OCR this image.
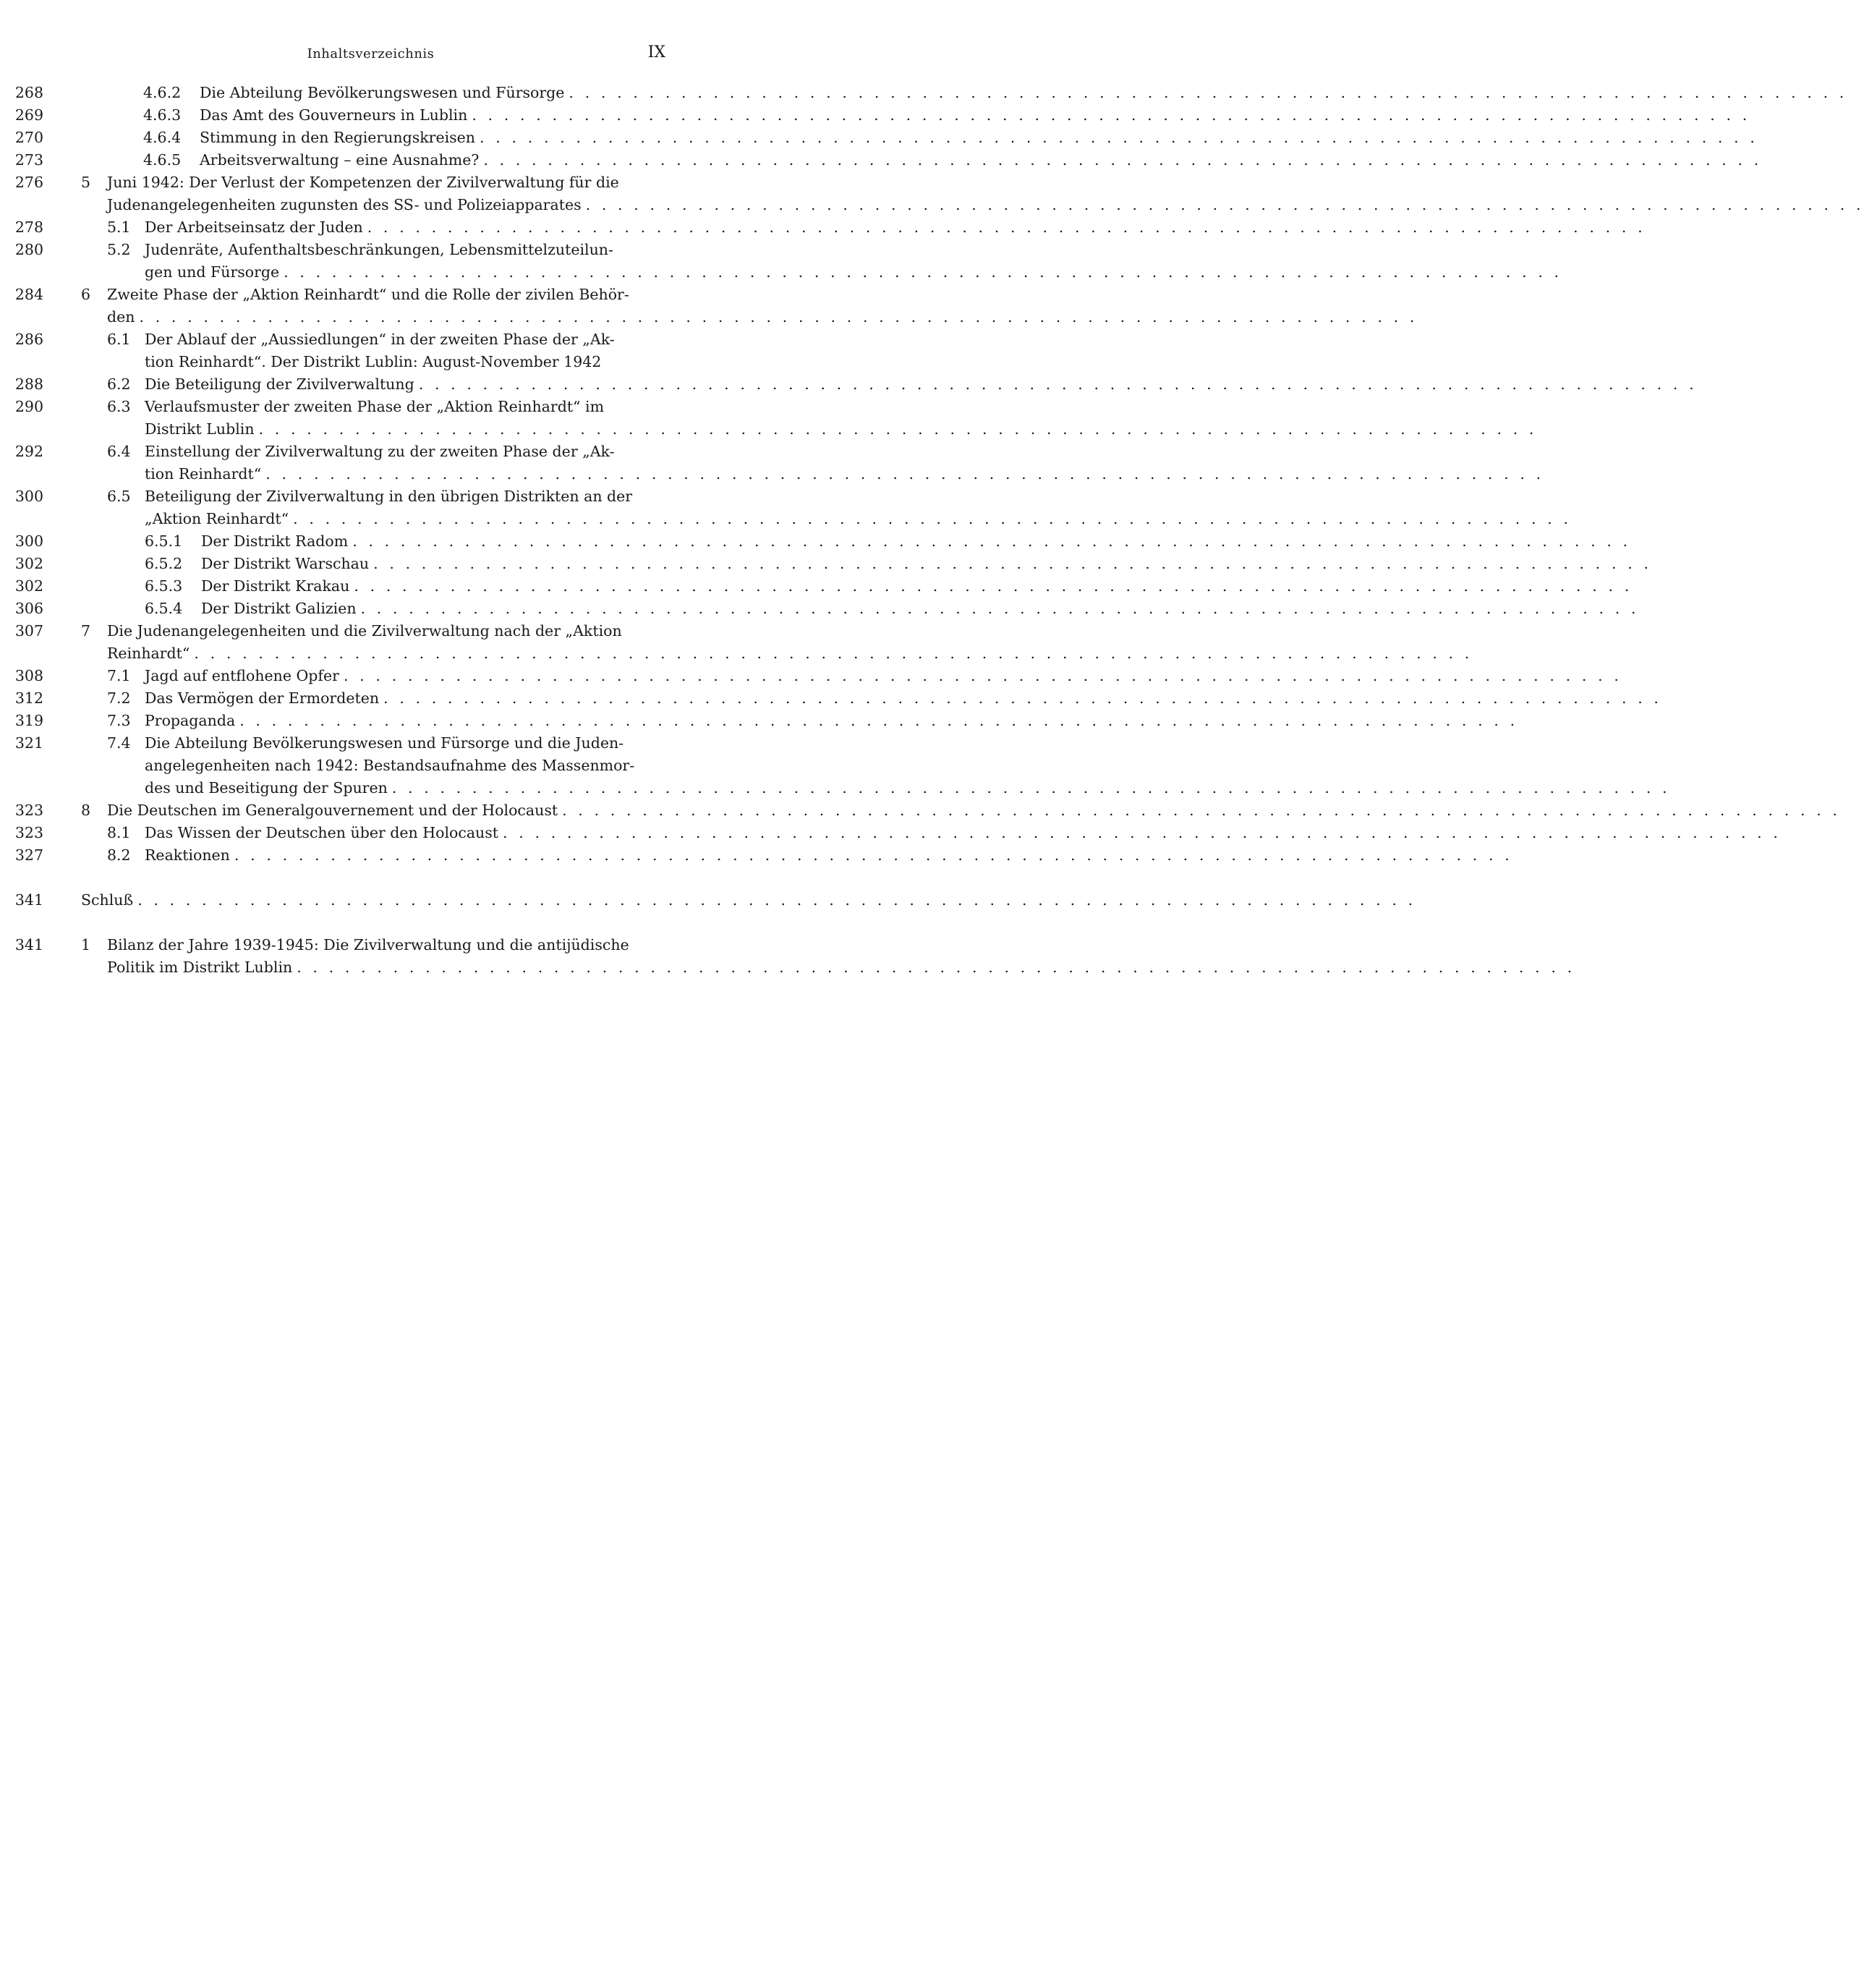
Inhaltsverzeichnis	IX
4.6.2 Die Abteilung Bevölkerungswesen und Fürsorge . . . . . . . . . . . . . . . . . . . . . . . . . . . . . . . . . . . . . . . . . . . . . . . . . . . . . . . . . . . . . . . . . . . . . . . . . . . . . . . .
268
4.6.3 Das Amt des Gouverneurs in Lublin . . . . . . . . . . . . . . . . . . . . . . . . . . . . . . . . . . . . . . . . . . . . . . . . . . . . . . . . . . . . . . . . . . . . . . . . . . . . . . . .
269
4.6.4 Stimmung in den Regierungskreisen . . . . . . . . . . . . . . . . . . . . . . . . . . . . . . . . . . . . . . . . . . . . . . . . . . . . . . . . . . . . . . . . . . . . . . . . . . . . . . . .
270
4.6.5 Arbeitsverwaltung – eine Ausnahme? . . . . . . . . . . . . . . . . . . . . . . . . . . . . . . . . . . . . . . . . . . . . . . . . . . . . . . . . . . . . . . . . . . . . . . . . . . . . . . . .
273
5 Juni 1942: Der Verlust der Kompetenzen der Zivilverwaltung für die
Judenangelegenheiten zugunsten des SS- und Polizeiapparates . . . . . . . . . . . . . . . . . . . . . . . . . . . . . . . . . . . . . . . . . . . . . . . . . . . . . . . . . . . . . . . . . . . . . . . . . . . . . . . .
276
5.1 Der Arbeitseinsatz der Juden . . . . . . . . . . . . . . . . . . . . . . . . . . . . . . . . . . . . . . . . . . . . . . . . . . . . . . . . . . . . . . . . . . . . . . . . . . . . . . . .
278
5.2 Judenräte, Aufenthaltsbeschränkungen, Lebensmittelzuteilun-
gen und Fürsorge . . . . . . . . . . . . . . . . . . . . . . . . . . . . . . . . . . . . . . . . . . . . . . . . . . . . . . . . . . . . . . . . . . . . . . . . . . . . . . . .
280
6 Zweite Phase der „Aktion Reinhardt“ und die Rolle der zivilen Behör-
den . . . . . . . . . . . . . . . . . . . . . . . . . . . . . . . . . . . . . . . . . . . . . . . . . . . . . . . . . . . . . . . . . . . . . . . . . . . . . . . .
284
6.1 Der Ablauf der „Aussiedlungen“ in der zweiten Phase der „Ak-
tion Reinhardt“. Der Distrikt Lublin: August-November 1942
286
6.2 Die Beteiligung der Zivilverwaltung . . . . . . . . . . . . . . . . . . . . . . . . . . . . . . . . . . . . . . . . . . . . . . . . . . . . . . . . . . . . . . . . . . . . . . . . . . . . . . . .
288
6.3 Verlaufsmuster der zweiten Phase der „Aktion Reinhardt“ im
Distrikt Lublin . . . . . . . . . . . . . . . . . . . . . . . . . . . . . . . . . . . . . . . . . . . . . . . . . . . . . . . . . . . . . . . . . . . . . . . . . . . . . . . .
290
6.4 Einstellung der Zivilverwaltung zu der zweiten Phase der „Ak-
tion Reinhardt“ . . . . . . . . . . . . . . . . . . . . . . . . . . . . . . . . . . . . . . . . . . . . . . . . . . . . . . . . . . . . . . . . . . . . . . . . . . . . . . . .
292
6.5 Beteiligung der Zivilverwaltung in den übrigen Distrikten an der
„Aktion Reinhardt“ . . . . . . . . . . . . . . . . . . . . . . . . . . . . . . . . . . . . . . . . . . . . . . . . . . . . . . . . . . . . . . . . . . . . . . . . . . . . . . . .
300
6.5.1 Der Distrikt Radom . . . . . . . . . . . . . . . . . . . . . . . . . . . . . . . . . . . . . . . . . . . . . . . . . . . . . . . . . . . . . . . . . . . . . . . . . . . . . . . .
300
6.5.2 Der Distrikt Warschau . . . . . . . . . . . . . . . . . . . . . . . . . . . . . . . . . . . . . . . . . . . . . . . . . . . . . . . . . . . . . . . . . . . . . . . . . . . . . . . .
302
6.5.3 Der Distrikt Krakau . . . . . . . . . . . . . . . . . . . . . . . . . . . . . . . . . . . . . . . . . . . . . . . . . . . . . . . . . . . . . . . . . . . . . . . . . . . . . . . .
302
6.5.4 Der Distrikt Galizien . . . . . . . . . . . . . . . . . . . . . . . . . . . . . . . . . . . . . . . . . . . . . . . . . . . . . . . . . . . . . . . . . . . . . . . . . . . . . . . .
306
7 Die Judenangelegenheiten und die Zivilverwaltung nach der „Aktion
Reinhardt“ . . . . . . . . . . . . . . . . . . . . . . . . . . . . . . . . . . . . . . . . . . . . . . . . . . . . . . . . . . . . . . . . . . . . . . . . . . . . . . . .
307
7.1 Jagd auf entflohene Opfer . . . . . . . . . . . . . . . . . . . . . . . . . . . . . . . . . . . . . . . . . . . . . . . . . . . . . . . . . . . . . . . . . . . . . . . . . . . . . . . .
308
7.2 Das Vermögen der Ermordeten . . . . . . . . . . . . . . . . . . . . . . . . . . . . . . . . . . . . . . . . . . . . . . . . . . . . . . . . . . . . . . . . . . . . . . . . . . . . . . . .
312
7.3 Propaganda . . . . . . . . . . . . . . . . . . . . . . . . . . . . . . . . . . . . . . . . . . . . . . . . . . . . . . . . . . . . . . . . . . . . . . . . . . . . . . . .
319
7.4 Die Abteilung Bevölkerungswesen und Fürsorge und die Juden-
angelegenheiten nach 1942: Bestandsaufnahme des Massenmor-
des und Beseitigung der Spuren . . . . . . . . . . . . . . . . . . . . . . . . . . . . . . . . . . . . . . . . . . . . . . . . . . . . . . . . . . . . . . . . . . . . . . . . . . . . . . . .
321
8 Die Deutschen im Generalgouvernement und der Holocaust . . . . . . . . . . . . . . . . . . . . . . . . . . . . . . . . . . . . . . . . . . . . . . . . . . . . . . . . . . . . . . . . . . . . . . . . . . . . . . . .
323
8.1 Das Wissen der Deutschen über den Holocaust . . . . . . . . . . . . . . . . . . . . . . . . . . . . . . . . . . . . . . . . . . . . . . . . . . . . . . . . . . . . . . . . . . . . . . . . . . . . . . . .
323
8.2 Reaktionen . . . . . . . . . . . . . . . . . . . . . . . . . . . . . . . . . . . . . . . . . . . . . . . . . . . . . . . . . . . . . . . . . . . . . . . . . . . . . . . .
327
Schluß . . . . . . . . . . . . . . . . . . . . . . . . . . . . . . . . . . . . . . . . . . . . . . . . . . . . . . . . . . . . . . . . . . . . . . . . . . . . . . . .
341
1 Bilanz der Jahre 1939-1945: Die Zivilverwaltung und die antijüdische
Politik im Distrikt Lublin . . . . . . . . . . . . . . . . . . . . . . . . . . . . . . . . . . . . . . . . . . . . . . . . . . . . . . . . . . . . . . . . . . . . . . . . . . . . . . . .
341
